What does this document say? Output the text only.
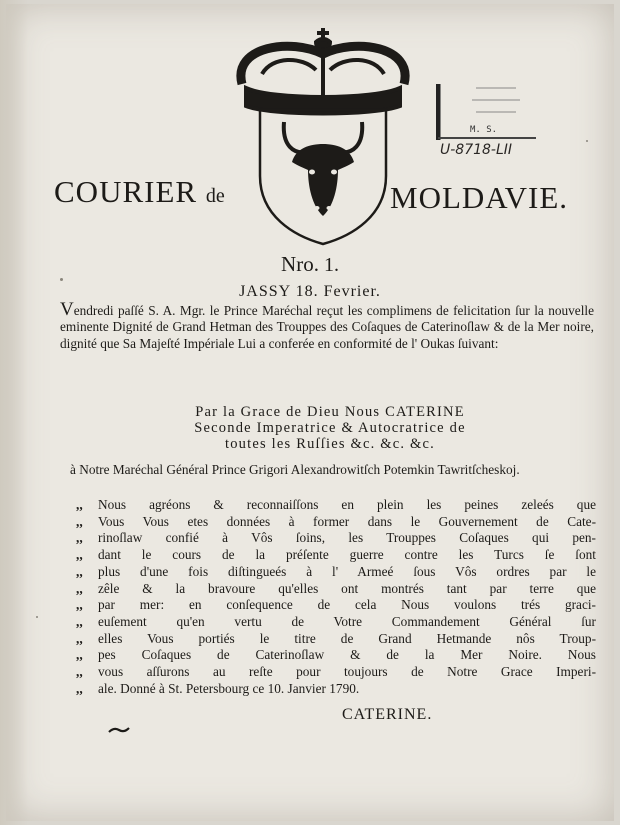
COURIER de	MOLDAVIE.
M. S.
U-8718-LII
Nro. 1.
JASSY 18. Fevrier.
Vendredi paſſé S. A. Mgr. le Prince Maréchal reçut les complimens de felicitation ſur la nouvelle eminente Dignité de Grand Hetman des Trouppes des Coſaques de Caterinoſlaw & de la Mer noire, dignité que Sa Majeſté Impériale Lui a conferée en conformité de l' Oukas ſuivant:
Par la Grace de Dieu Nous CATERINE
Seconde Imperatrice & Autocratrice de
toutes les Ruſſies &c. &c. &c.
à Notre Maréchal Général Prince Grigori Alexandrowitſch Potemkin Tawritſcheskoj.
,,	Nous agréons & reconnaiſſons en plein les peines zeleés que
,,	Vous Vous etes données à former dans le Gouvernement de Cate-
,,	rinoſlaw confié à Vôs ſoins, les Trouppes Coſaques qui pen-
,,	dant le cours de la préſente guerre contre les Turcs ſe ſont
,,	plus d'une fois diſtingueés à l' Armeé ſous Vôs ordres par le
,,	zêle & la bravoure qu'elles ont montrés tant par terre que
,,	par mer: en conſequence de cela Nous voulons trés graci-
,,	euſement qu'en vertu de Votre Commandement Général ſur
,,	elles Vous portiés le titre de Grand Hetmande nôs Troup-
,,	pes Coſaques de Caterinoſlaw & de la Mer Noire. Nous
,,	vous aſſurons au reſte pour toujours de Notre Grace Imperi-
,,	ale. Donné à St. Petersbourg ce 10. Janvier 1790.
CATERINE.
